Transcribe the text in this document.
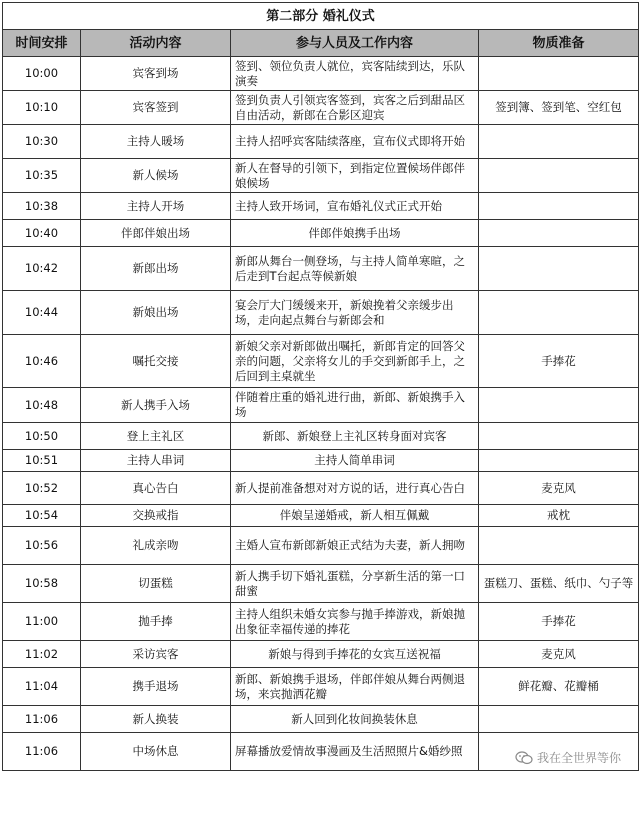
第二部分 婚礼仪式			
时间安排	活动内容	参与人员及工作内容	物质准备
10:00	宾客到场	签到、领位负责人就位，宾客陆续到达，乐队演奏	
10:10	宾客签到	签到负责人引领宾客签到，宾客之后到甜品区自由活动，新郎在合影区迎宾	签到簿、签到笔、空红包
10:30	主持人暖场	主持人招呼宾客陆续落座，宣布仪式即将开始	
10:35	新人候场	新人在督导的引领下，到指定位置候场伴郎伴娘候场	
10:38	主持人开场	主持人致开场词，宣布婚礼仪式正式开始	
10:40	伴郎伴娘出场	伴郎伴娘携手出场	
10:42	新郎出场	新郎从舞台一侧登场，与主持人简单寒暄，之后走到T台起点等候新娘	
10:44	新娘出场	宴会厅大门缓缓来开，新娘挽着父亲缓步出场，走向起点舞台与新郎会和	
10:46	嘱托交接	新娘父亲对新郎做出嘱托，新郎肯定的回答父亲的问题，父亲将女儿的手交到新郎手上，之后回到主桌就坐	手捧花
10:48	新人携手入场	伴随着庄重的婚礼进行曲，新郎、新娘携手入场	
10:50	登上主礼区	新郎、新娘登上主礼区转身面对宾客	
10:51	主持人串词	主持人简单串词	
10:52	真心告白	新人提前准备想对对方说的话，进行真心告白	麦克风
10:54	交换戒指	伴娘呈递婚戒，新人相互佩戴	戒枕
10:56	礼成亲吻	主婚人宣布新郎新娘正式结为夫妻，新人拥吻	
10:58	切蛋糕	新人携手切下婚礼蛋糕，分享新生活的第一口甜蜜	蛋糕刀、蛋糕、纸巾、勺子等
11:00	抛手捧	主持人组织未婚女宾参与抛手捧游戏，新娘抛出象征幸福传递的捧花	手捧花
11:02	采访宾客	新娘与得到手捧花的女宾互送祝福	麦克风
11:04	携手退场	新郎、新娘携手退场，伴郎伴娘从舞台两侧退场，来宾抛洒花瓣	鲜花瓣、花瓣桶
11:06	新人换装	新人回到化妆间换装休息	
11:06	中场休息	屏幕播放爱情故事漫画及生活照照片&婚纱照		我在全世界等你
